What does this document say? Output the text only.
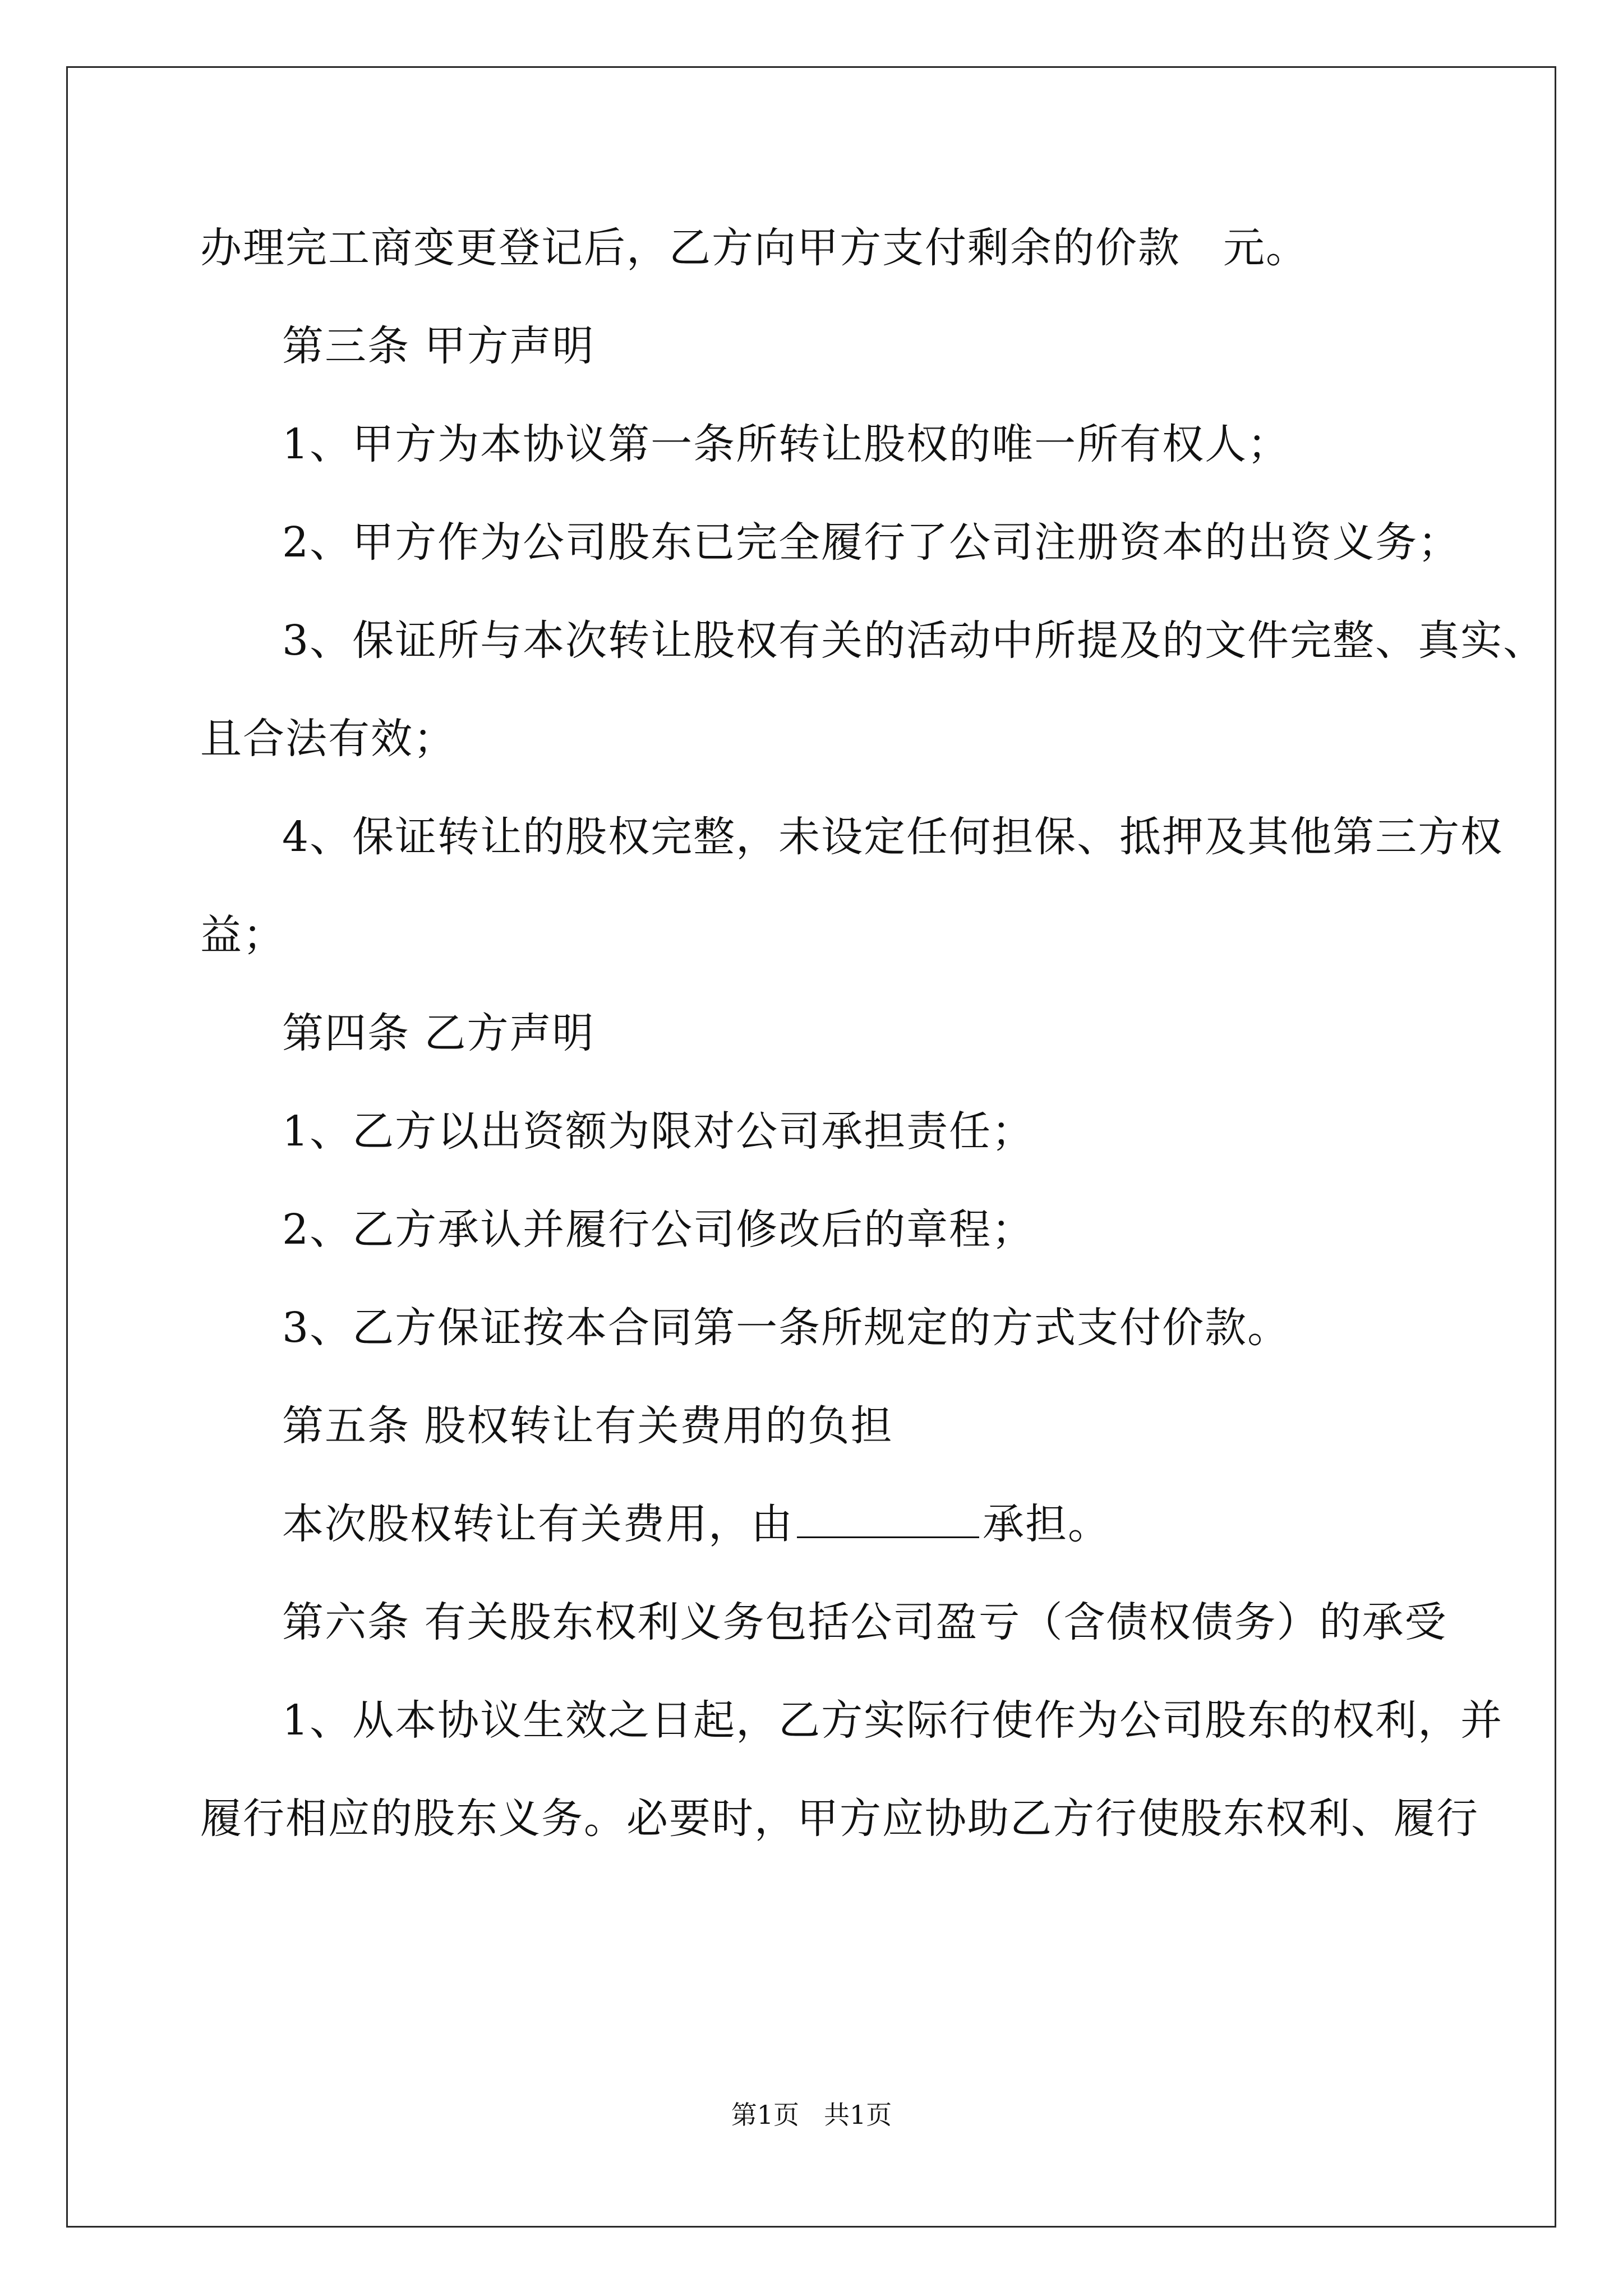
办理完工商变更登记后，乙方向甲方支付剩余的价款 元。
第三条 甲方声明
1、甲方为本协议第一条所转让股权的唯一所有权人；
2、甲方作为公司股东已完全履行了公司注册资本的出资义务；
3、保证所与本次转让股权有关的活动中所提及的文件完整、真实、
且合法有效；
4、保证转让的股权完整，未设定任何担保、抵押及其他第三方权
益；
第四条 乙方声明
1、乙方以出资额为限对公司承担责任；
2、乙方承认并履行公司修改后的章程；
3、乙方保证按本合同第一条所规定的方式支付价款。
第五条 股权转让有关费用的负担
本次股权转让有关费用，由	承担。
第六条 有关股东权利义务包括公司盈亏（含债权债务）的承受
1、从本协议生效之日起，乙方实际行使作为公司股东的权利，并
履行相应的股东义务。必要时，甲方应协助乙方行使股东权利、履行
第1页 共1页
